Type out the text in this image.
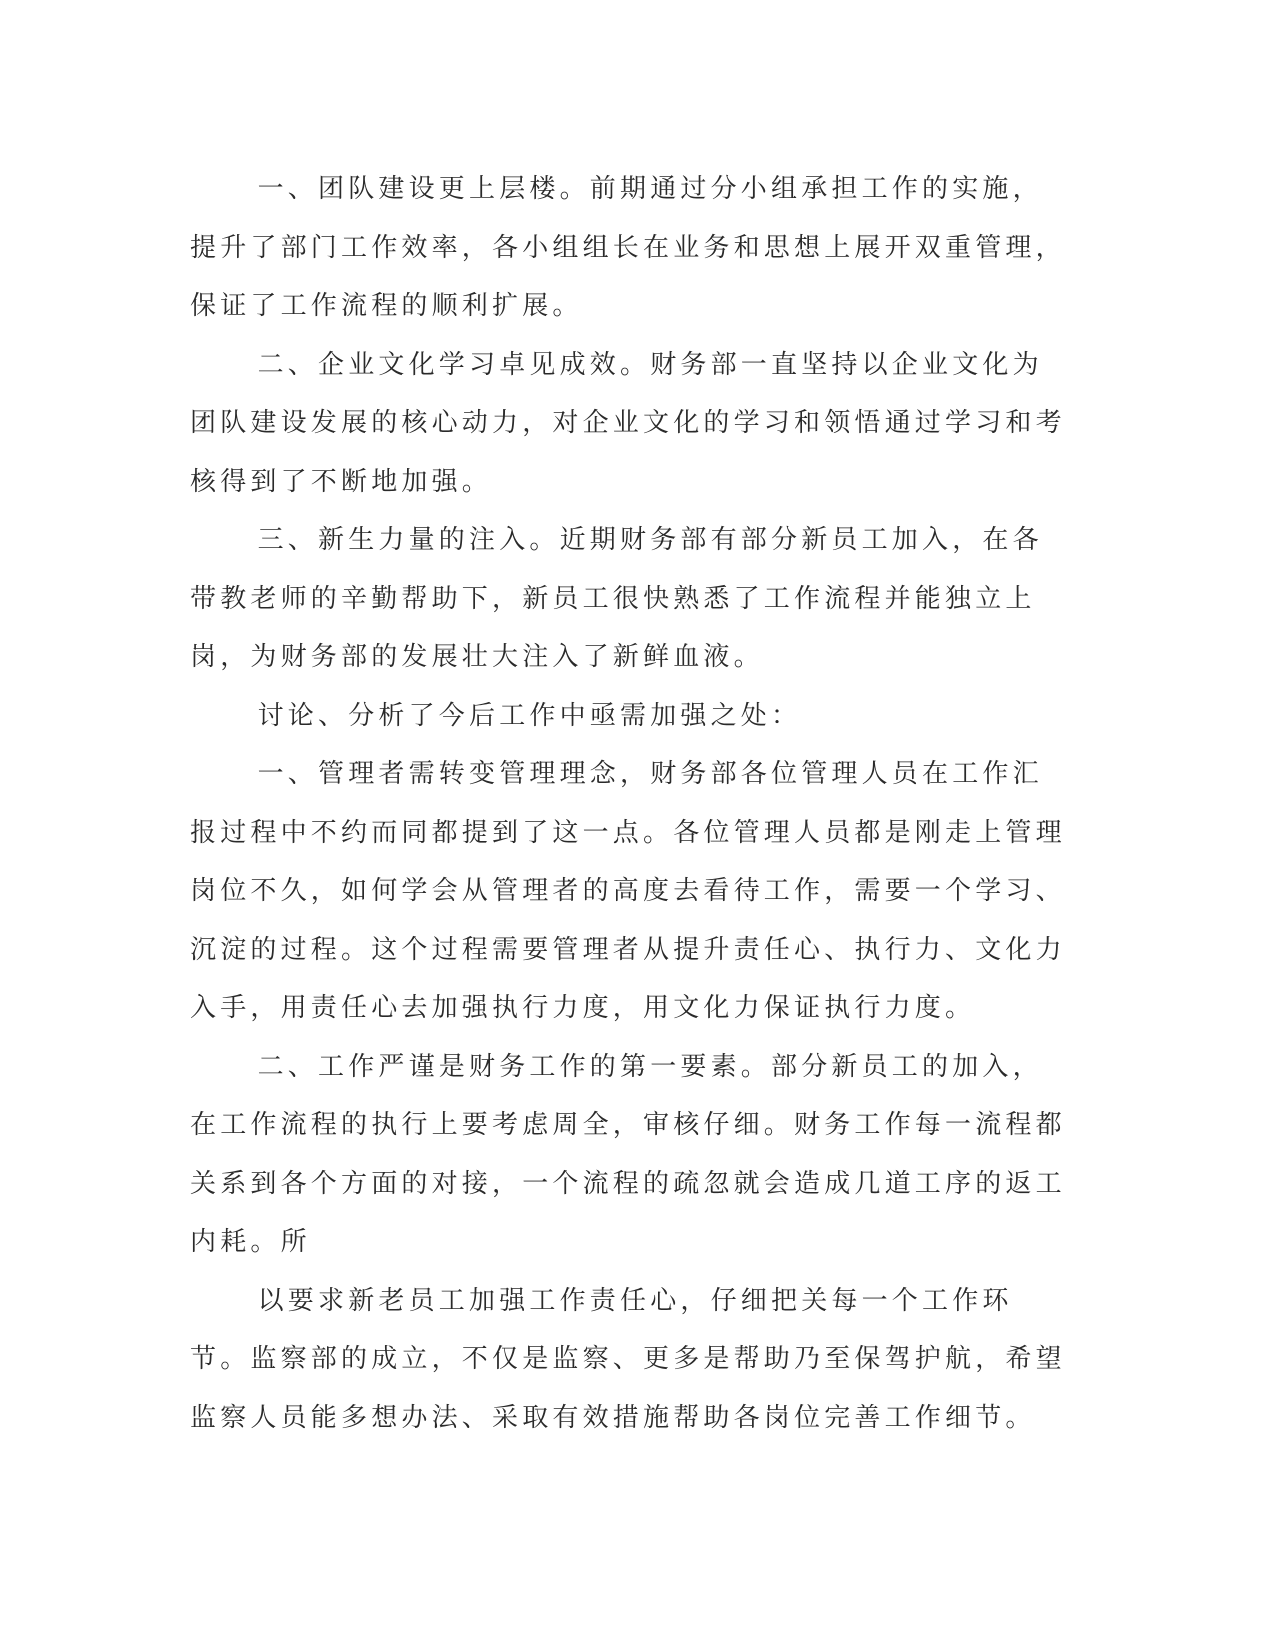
一、团队建设更上层楼。前期通过分小组承担工作的实施，提升了部门工作效率，各小组组长在业务和思想上展开双重管理，保证了工作流程的顺利扩展。

二、企业文化学习卓见成效。财务部一直坚持以企业文化为团队建设发展的核心动力，对企业文化的学习和领悟通过学习和考核得到了不断地加强。

三、新生力量的注入。近期财务部有部分新员工加入，在各带教老师的辛勤帮助下，新员工很快熟悉了工作流程并能独立上岗，为财务部的发展壮大注入了新鲜血液。

讨论、分析了今后工作中亟需加强之处：

一、管理者需转变管理理念，财务部各位管理人员在工作汇报过程中不约而同都提到了这一点。各位管理人员都是刚走上管理岗位不久，如何学会从管理者的高度去看待工作，需要一个学习、沉淀的过程。这个过程需要管理者从提升责任心、执行力、文化力入手，用责任心去加强执行力度，用文化力保证执行力度。

二、工作严谨是财务工作的第一要素。部分新员工的加入，在工作流程的执行上要考虑周全，审核仔细。财务工作每一流程都关系到各个方面的对接，一个流程的疏忽就会造成几道工序的返工内耗。所

以要求新老员工加强工作责任心，仔细把关每一个工作环节。监察部的成立，不仅是监察、更多是帮助乃至保驾护航，希望监察人员能多想办法、采取有效措施帮助各岗位完善工作细节。
